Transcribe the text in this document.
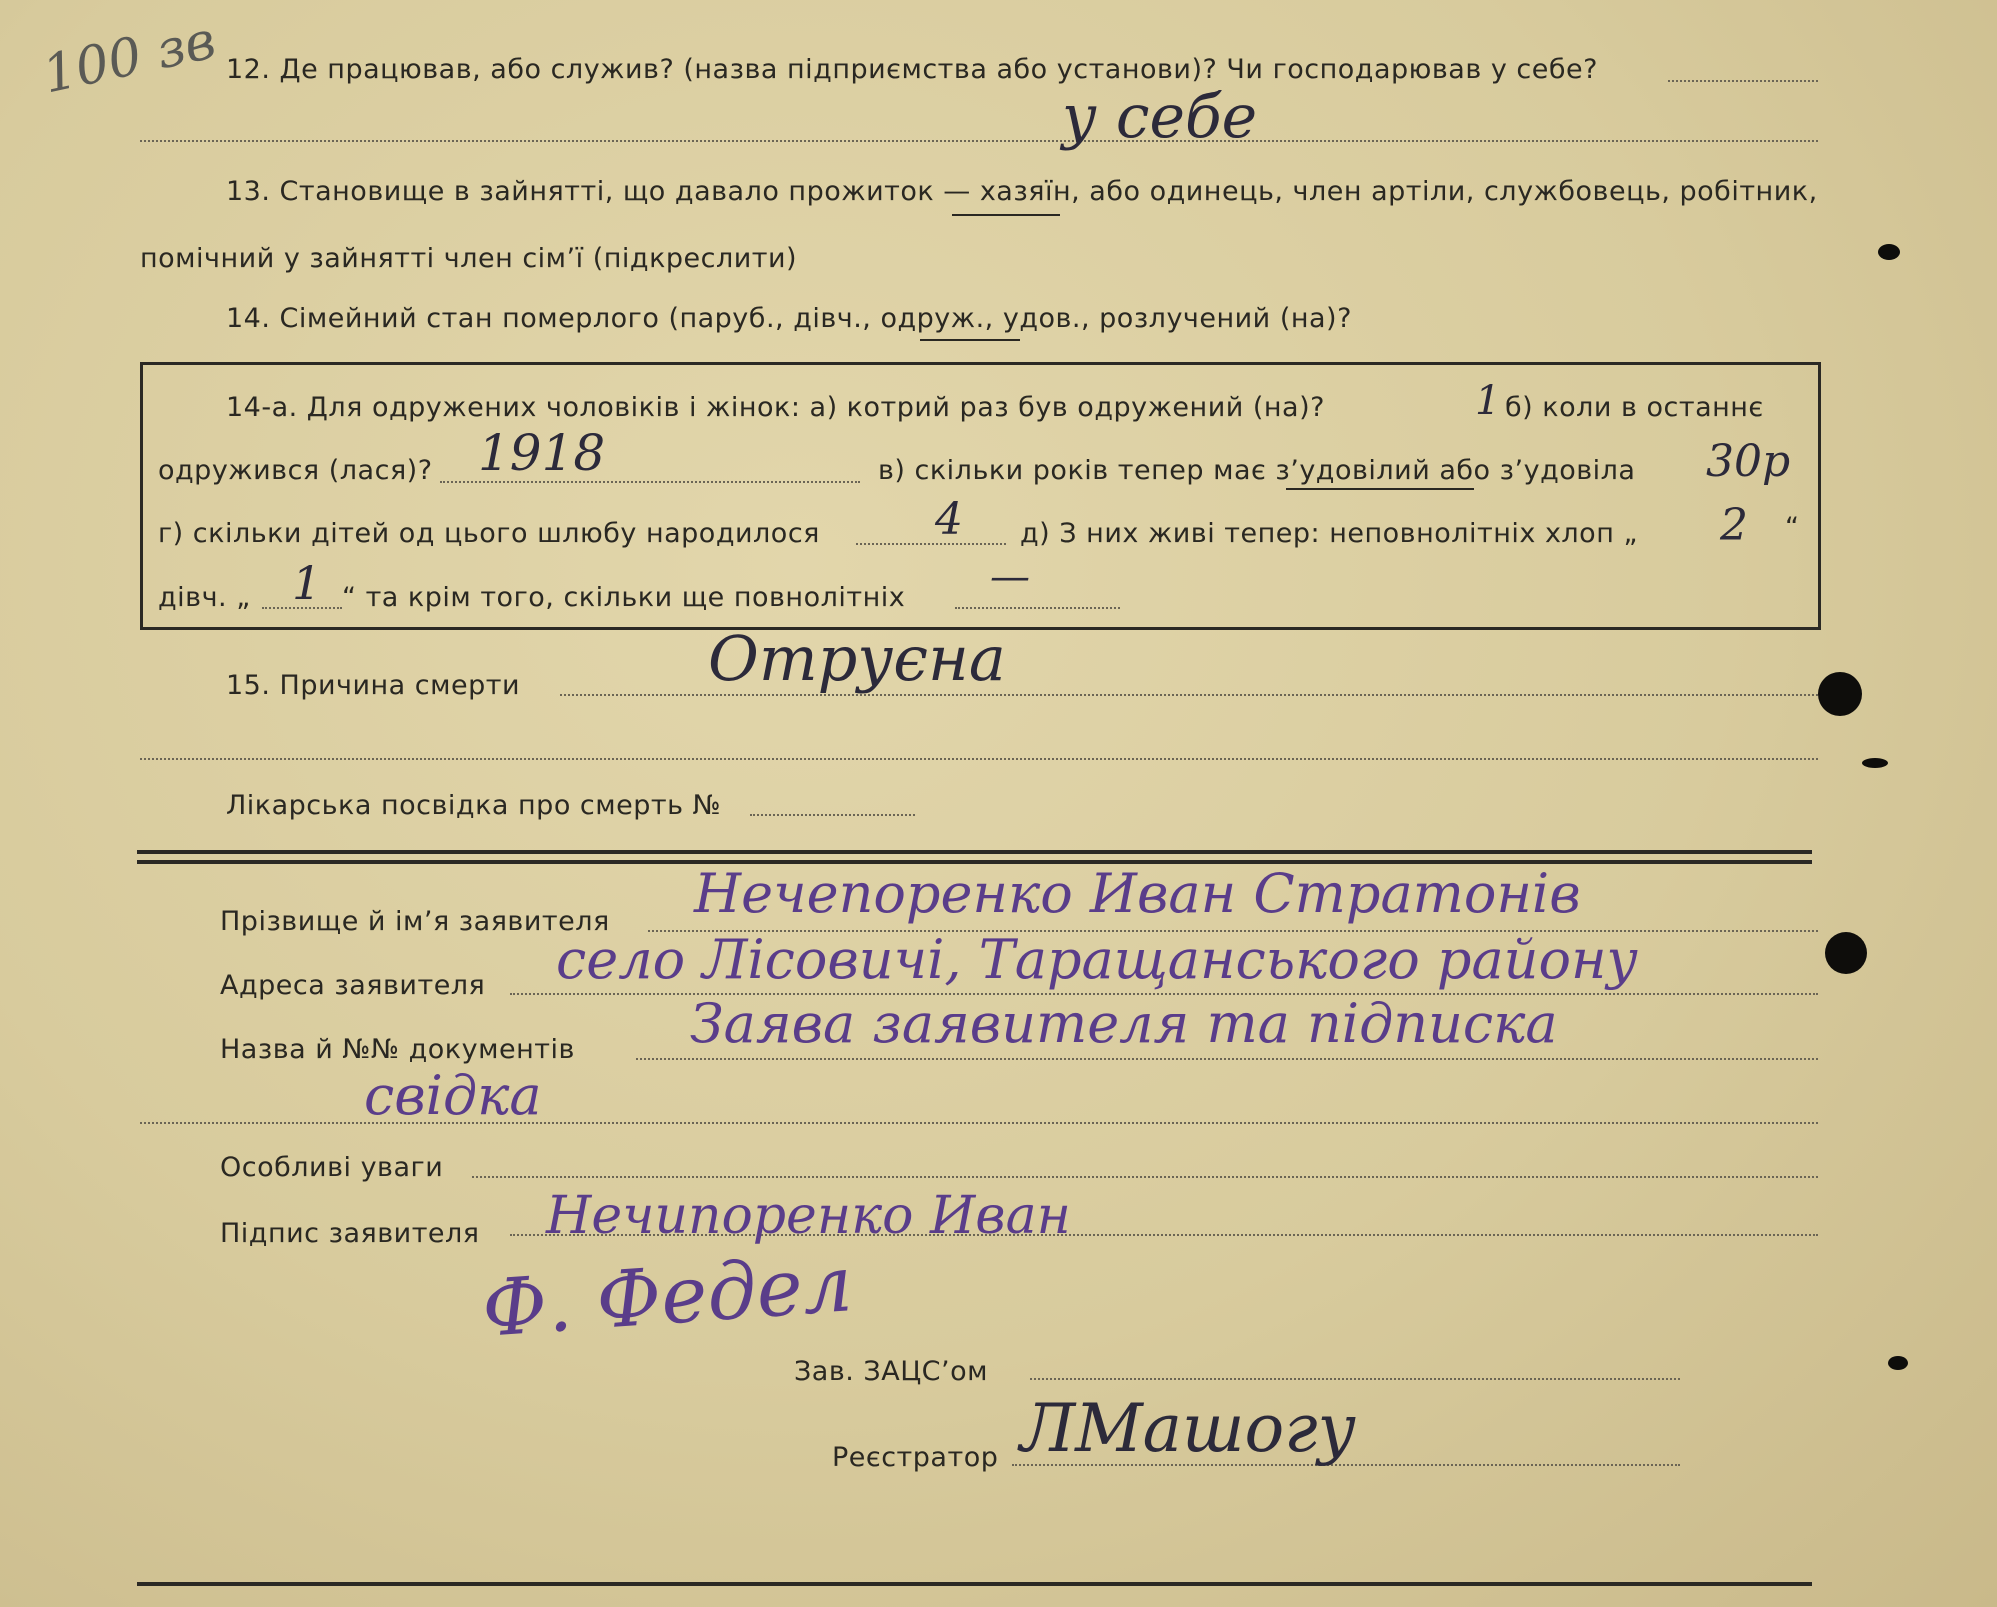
100 зв 12. Де працював, або служив? (назва підприємства або установи)? Чи господарював у себе?
у себе
13. Становище в зайнятті, що давало прожиток — хазяїн, або одинець, член артіли, службовець, робітник,
помічний у зайнятті член сім’ї (підкреслити)
14. Сімейний стан померлого (паруб., дівч., одруж., удов., розлучений (на)?
14-а. Для одружених чоловіків і жінок: а) котрий раз був одружений (на)?	1 б) коли в останнє
одружився (лася)? 1918	в) скільки років тепер має з’удовілий або з’удовіла 30р
г) скільки дітей од цього шлюбу народилося	4 д) З них живі тепер: неповнолітніх хлоп „ 2 “
дівч. „ 1 “ та крім того, скільки ще повнолітніх —
15. Причина смерти	Отруєна
Лікарська посвідка про смерть №
Прізвище й ім’я заявителя Нечепоренко Иван Стратонів
Адреса заявителя село Лісовичі, Таращанського району
Назва й №№ документів Заява заявителя та підписка
свідка
Особливі уваги
Підпис заявителя Нечипоренко Иван
Ф. Федел
Зав. ЗАЦС’ом
Реєстратор ЛМашогу
